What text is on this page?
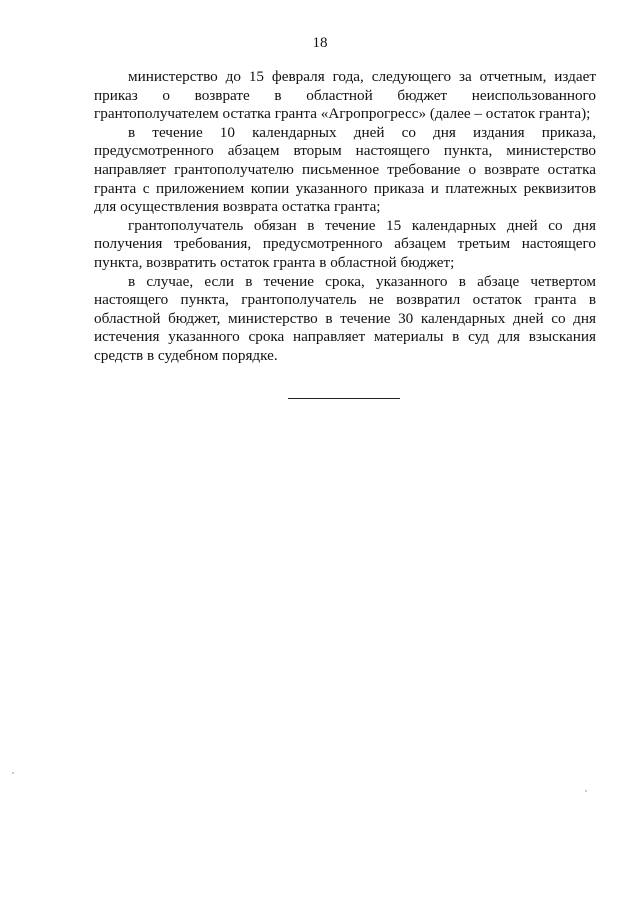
18

министерство до 15 февраля года, следующего за отчетным, издает приказ о возврате в областной бюджет неиспользованного грантополучателем остатка гранта «Агропрогресс» (далее – остаток гранта);

в течение 10 календарных дней со дня издания приказа, предусмотренного абзацем вторым настоящего пункта, министерство направляет грантополучателю письменное требование о возврате остатка гранта с приложением копии указанного приказа и платежных реквизитов для осуществления возврата остатка гранта;

грантополучатель обязан в течение 15 календарных дней со дня получения требования, предусмотренного абзацем третьим настоящего пункта, возвратить остаток гранта в областной бюджет;

в случае, если в течение срока, указанного в абзаце четвертом настоящего пункта, грантополучатель не возвратил остаток гранта в областной бюджет, министерство в течение 30 календарных дней со дня истечения указанного срока направляет материалы в суд для взыскания средств в судебном порядке.
